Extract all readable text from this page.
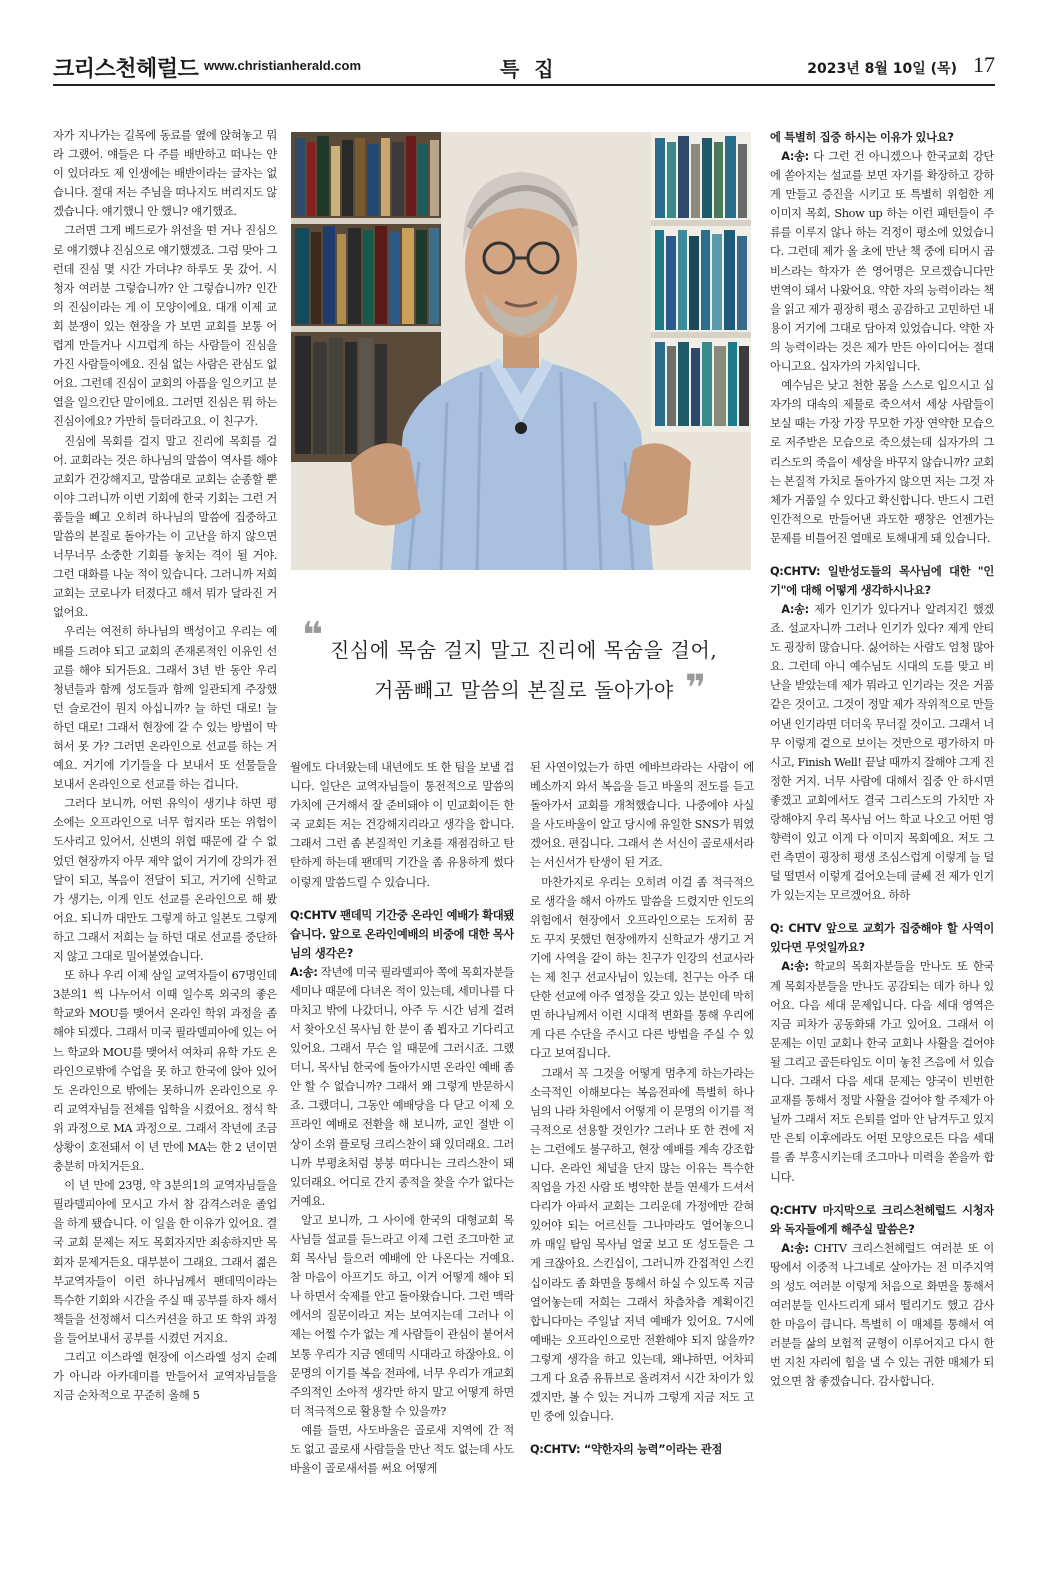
크리스천헤럴드 www.christianherald.com	특 집	2023년 8월 10일 (목) 17

자가 지나가는 길목에 동료를 옆에 앉혀놓고 뭐라 그랬어. 얘들은 다 주를 배반하고 떠나는 얀이 있더라도 제 인생에는 배반이라는 글자는 없습니다. 절대 저는 주님을 떠나지도 버리지도 않겠습니다. 얘기했니 안 했니? 얘기했죠.

그러면 그게 베드로가 위선을 떤 거나 진심으로 얘기했냐 진심으로 얘기했겠죠. 그럼 맞아 그런데 진심 몇 시간 가더냐? 하루도 못 갔어. 시청자 여러분 그렇습니까? 안 그렇습니까? 인간의 진심이라는 게 이 모양이에요. 대개 이제 교회 분쟁이 있는 현장을 가 보면 교회를 보통 어렵게 만들거나 시끄럽게 하는 사람들이 진심을 가진 사람들이에요. 진심 없는 사람은 관심도 없어요. 그런데 진심이 교회의 아픔을 일으키고 분열을 일으킨단 말이에요. 그러면 진심은 뭐 하는 진심이에요? 가만히 들더라고요. 이 친구가.

진심에 목회를 걸지 말고 진리에 목회를 걸어. 교회라는 것은 하나님의 말씀이 역사를 해야 교회가 건강해지고, 말씀대로 교회는 순종할 뿐이야 그러니까 이번 기회에 한국 기회는 그런 거품들을 빼고 오히려 하나님의 말씀에 집중하고 말씀의 본질로 돌아가는 이 고난을 하지 않으면 너무너무 소중한 기회를 놓치는 격이 될 거야. 그런 대화를 나눈 적이 있습니다. 그러니까 저희 교회는 코로나가 터졌다고 해서 뭐가 달라진 거 없어요.

우리는 여전히 하나님의 백성이고 우리는 예배를 드려야 되고 교회의 존재론적인 이유인 선교를 해야 되거든요. 그래서 3년 반 동안 우리 청년들과 함께 성도들과 함께 일관되게 주장했던 슬로건이 뭔지 아십니까? 늘 하던 대로! 늘 하던 대로! 그래서 현장에 갈 수 있는 방법이 막혀서 못 가? 그러면 온라인으로 선교를 하는 거예요. 거기에 기기들을 다 보내서 또 선물들을 보내서 온라인으로 선교를 하는 겁니다.

그러다 보니까, 어떤 유익이 생기냐 하면 평소에는 오프라인으로 너무 험지라 또는 위험이 도사리고 있어서, 신변의 위협 때문에 갈 수 없었던 현장까지 아무 제약 없이 거기에 강의가 전달이 되고, 복음이 전달이 되고, 거기에 신학교가 생기는, 이게 인도 선교를 온라인으로 해 봤어요. 되니까 대만도 그렇게 하고 일본도 그렇게 하고 그래서 저희는 늘 하던 대로 선교를 중단하지 않고 그대로 밀어붙였습니다.

또 하나 우리 이제 삼일 교역자들이 67명인데 3분의1 씩 나누어서 이때 일수록 외국의 좋은 학교와 MOU를 맺어서 온라인 학위 과정을 좀 해야 되겠다. 그래서 미국 필라델피아에 있는 어느 학교와 MOU를 맺어서 여차피 유학 가도 온라인으로밖에 수업을 못 하고 한국에 앉아 있어도 온라인으로 밖에는 못하니까 온라인으로 우리 교역자님들 전체를 입학을 시켰어요. 정식 학위 과정으로 MA 과정으로. 그래서 작년에 조금 상황이 호전돼서 이 년 만에 MA는 한 2 년이면 충분히 마치거든요.

이 년 만에 23명, 약 3분의1의 교역자님들을 필라델피아에 모시고 가서 참 감격스러운 졸업을 하게 됐습니다. 이 일을 한 이유가 있어요. 결국 교회 문제는 저도 목회자지만 죄송하지만 목회자 문제거든요. 대부분이 그래요. 그래서 젊은 부교역자들이 이런 하나님께서 팬데믹이라는 특수한 기회와 시간을 주실 때 공부를 하자 해서 책들을 선정해서 디스커션을 하고 또 학위 과정을 들어보내서 공부를 시켰던 거지요.

그리고 이스라엘 현장에 이스라엘 성지 순례가 아니라 아카데미를 만들어서 교역자님들을 지금 순차적으로 꾸준히 올해 5

❝ 진심에 목숨 걸지 말고 진리에 목숨을 걸어,
거품빼고 말씀의 본질로 돌아가야 ❞

월에도 다녀왔는데 내년에도 또 한 팀을 보낼 겁니다. 일단은 교역자님들이 통전적으로 말씀의 가치에 근거해서 잘 준비돼야 이 민교회이든 한국 교회든 저는 건강해지리라고 생각을 합니다. 그래서 그런 좀 본질적인 기초를 재점검하고 탄탄하게 하는데 팬데믹 기간을 좀 유용하게 썼다 이렇게 말씀드릴 수 있습니다.

Q:CHTV 팬데믹 기간중 온라인 예배가 확대됐습니다. 앞으로 온라인예배의 비중에 대한 목사님의 생각은?

A:송: 작년에 미국 필라델피아 쪽에 목회자분들 세미나 때문에 다녀온 적이 있는데, 세미나를 다 마치고 밖에 나갔더니, 아주 두 시간 넘게 걸려서 찾아오신 목사님 한 분이 좀 뵙자고 기다리고 있어요. 그래서 무슨 일 때문에 그러시죠. 그랬더니, 목사님 한국에 돌아가시면 온라인 예배 좀 안 할 수 없습니까? 그래서 왜 그렇게 반문하시죠. 그랬더니, 그동안 예배당을 다 닫고 이제 오프라인 예배로 전환을 해 보니까, 교인 절반 이상이 소위 플로팅 크리스찬이 돼 있더래요. 그러니까 부평초처럼 붕붕 떠다니는 크리스찬이 돼 있더래요. 어디로 간지 종적을 찾을 수가 없다는 거예요.

알고 보니까, 그 사이에 한국의 대형교회 목사님들 설교를 듣느라고 이제 그런 조그마한 교회 목사님 들으러 예배에 안 나온다는 거예요. 참 마음이 아프기도 하고, 이거 어떻게 해야 되나 하면서 숙제를 안고 돌아왔습니다. 그런 맥락에서의 질문이라고 저는 보여지는데 그러나 이제는 어쩔 수가 없는 게 사람들이 관심이 붙어서 보통 우리가 지금 엔데믹 시대라고 하잖아요. 이 문명의 이기를 복음 전파에, 너무 우리가 개교회주의적인 소아적 생각만 하지 말고 어떻게 하면 더 적극적으로 활용할 수 있을까?

예를 들면, 사도바울은 골로새 지역에 간 적도 없고 골로새 사람들을 만난 적도 없는데 사도바울이 골로새서를 써요 어떻게

된 사연이었는가 하면 에바브라라는 사람이 에베소까지 와서 복음을 듣고 바울의 전도를 듣고 돌아가서 교회를 개척했습니다. 나중에야 사실을 사도바울이 알고 당시에 유일한 SNS가 뭐였겠어요. 편집니다. 그래서 쓴 서신이 골로새서라는 서신서가 탄생이 된 거죠.

마찬가지로 우리는 오히려 이걸 좀 적극적으로 생각을 해서 아까도 말씀을 드렸지만 인도의 위험에서 현장에서 오프라인으로는 도저히 꿈도 꾸지 못했던 현장에까지 신학교가 생기고 거기에 사역을 같이 하는 친구가 인강의 선교사라는 제 친구 선교사님이 있는데, 친구는 아주 대단한 선교에 아주 열정을 갖고 있는 분인데 막히면 하나님께서 이런 시대적 변화를 통해 우리에게 다른 수단을 주시고 다른 방법을 주실 수 있다고 보여집니다.

그래서 꼭 그것을 어떻게 멈추게 하는가라는 소극적인 이해보다는 복음전파에 특별히 하나님의 나라 차원에서 어떻게 이 문명의 이기를 적극적으로 선용할 것인가? 그러나 또 한 켠에 저는 그런에도 불구하고, 현장 예배를 계속 강조합니다. 온라인 체널을 단지 많는 이유는 특수한 직업을 가진 사람 또 병약한 분들 연세가 드셔서 다리가 아파서 교회는 그리운데 가정에만 갇혀 있어야 되는 어르신들 그나마라도 열어놓으니까 매일 탐임 목사님 얼굴 보고 또 성도들은 그게 크잖아요. 스킨십이, 그러니까 간접적인 스킨십이라도 좀 화면을 통해서 하실 수 있도록 지금 열어놓는데 저희는 그래서 차츰차츰 계획이긴 합니다마는 주일날 저녁 예배가 있어요. 7시에 예배는 오프라인으로만 전환해야 되지 않을까? 그렇게 생각을 하고 있는데, 왜냐하면, 어차피 그게 다 요즘 유튜브로 올려져서 시간 차이가 있겠지만, 볼 수 있는 거니까 그렇게 지금 저도 고민 중에 있습니다.

Q:CHTV: “약한자의 능력”이라는 관점
에 특별히 집중 하시는 이유가 있나요?

A:송: 다 그런 건 아니겠으나 한국교회 강단에 쏟아지는 설교를 보면 자기를 확장하고 강하게 만들고 증진을 시키고 또 특별히 위험한 게 이미지 목회, Show up 하는 이런 패턴들이 주류를 이루지 않나 하는 걱정이 평소에 있었습니다. 그런데 제가 올 초에 만난 책 중에 티머시 곱비스라는 학자가 쓴 영어명은 모르겠습니다만 번역이 돼서 나왔어요. 약한 자의 능력이라는 책을 읽고 제가 굉장히 평소 공감하고 고민하던 내용이 거기에 그대로 담아져 있었습니다. 약한 자의 능력이라는 것은 제가 만든 아이디어는 절대 아니고요. 십자가의 가치입니다.

예수님은 낮고 천한 몸을 스스로 입으시고 십자가의 대속의 제물로 죽으셔서 세상 사람들이 보실 때는 가장 가장 무모한 가장 연약한 모습으로 저주받은 모습으로 죽으셨는데 십자가의 그리스도의 죽음이 세상을 바꾸지 않습니까? 교회는 본질적 가치로 돌아가지 않으면 저는 그것 자체가 거품일 수 있다고 확신합니다. 반드시 그런 인간적으로 만들어낸 과도한 팽창은 언젠가는 문제를 비틀어진 열매로 토해내게 돼 있습니다.

Q:CHTV: 일반성도들의 목사님에 대한 "인기"에 대해 어떻게 생각하시나요?

A:송: 제가 인기가 있다거나 알려지긴 했겠죠. 설교자니까 그러나 인기가 있다? 제게 안티도 굉장히 많습니다. 싫어하는 사람도 엄청 많아요. 그런데 아니 예수님도 시대의 도를 맞고 비난을 받았는데 제가 뭐라고 인기라는 것은 거품 같은 것이고. 그것이 정말 제가 작위적으로 만들어낸 인기라면 더더욱 무너질 것이고. 그래서 너무 이렇게 겉으로 보이는 것만으로 평가하지 마시고, Finish Well! 끝날 때까지 잘해야 그게 진정한 거지. 너무 사람에 대해서 집중 안 하시면 좋겠고 교회에서도 결국 그리스도의 가치만 자랑해야지 우리 목사님 어느 학교 나오고 어떤 영향력이 있고 이게 다 이미지 목회예요. 저도 그런 측면이 굉장히 평생 조심스럽게 이렇게 늘 덜덜 떨면서 이렇게 걸어오는데 글쎄 전 제가 인기가 있는지는 모르겠어요. 하하

Q: CHTV 앞으로 교회가 집중해야 할 사역이 있다면 무엇일까요?

A:송: 학교의 목회자분들을 만나도 또 한국계 목회자분들을 만나도 공감되는 데가 하나 있어요. 다음 세대 문제입니다. 다음 세대 영역은 지금 피차가 공동화돼 가고 있어요. 그래서 이 문제는 이민 교회나 한국 교회나 사활을 걸어야 될 그리고 골든타임도 이미 놓친 즈음에 서 있습니다. 그래서 다음 세대 문제는 양국이 빈번한 교재를 통해서 정말 사활을 걸어야 할 주제가 아닐까 그래서 저도 은퇴를 얼마 안 남겨두고 있지만 은퇴 이후에라도 어떤 모양으로든 다음 세대를 좀 부흥시키는데 조그마나 미력을 쏟을까 합니다.

Q:CHTV 마지막으로 크리스천헤럴드 시청자와 독자들에게 해주실 말씀은?

A:송: CHTV 크리스천헤럴드 여러분 또 이 땅에서 이중적 나그네로 살아가는 전 미주지역의 성도 여러분 이렇게 처음으로 화면을 통해서 여러분들 인사드리게 돼서 떨리기도 했고 감사한 마음이 큽니다. 특별히 이 매체를 통해서 여러분들 삶의 보험적 균형이 이루어지고 다시 한번 지친 자리에 힘을 낼 수 있는 귀한 매체가 되었으면 참 좋겠습니다. 감사합니다.
